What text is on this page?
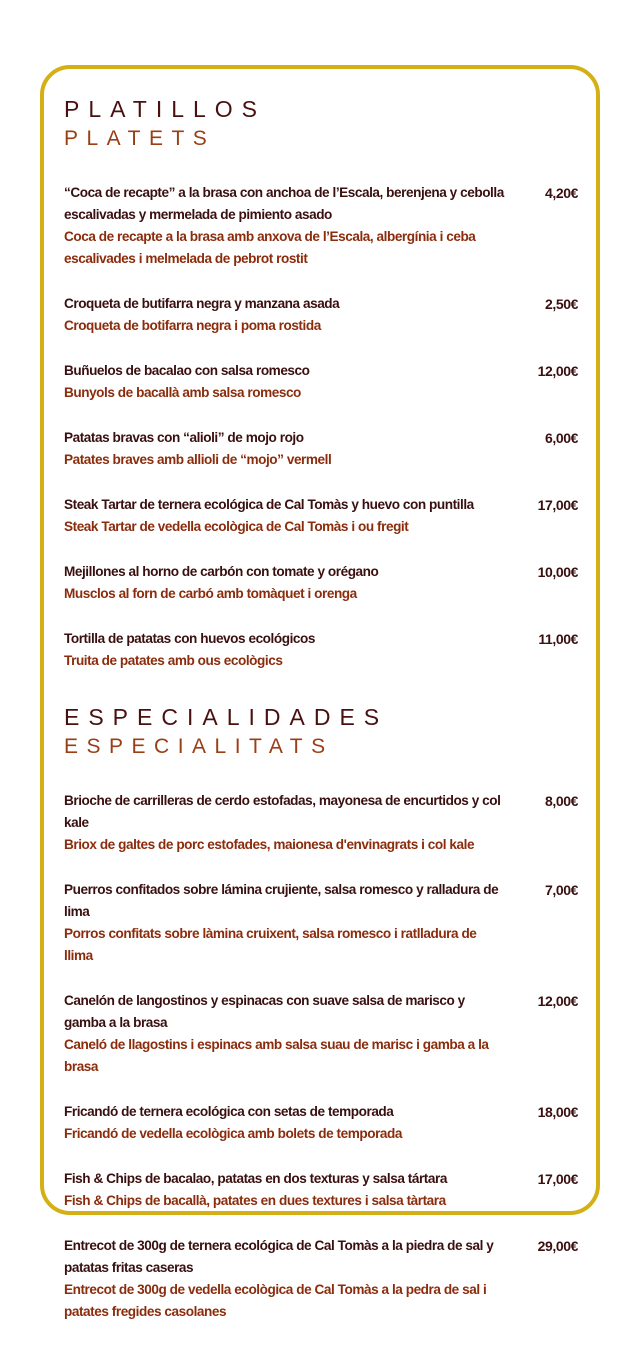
PLATILLOS
PLATETS
“Coca de recapte” a la brasa con anchoa de l’Escala, berenjena y cebolla escalivadas y mermelada de pimiento asado
Coca de recapte a la brasa amb anxova de l’Escala, albergínia i ceba escalivades i melmelada de pebrot rostit
4,20€
Croqueta de butifarra negra y manzana asada
Croqueta de botifarra negra i poma rostida
2,50€
Buñuelos de bacalao con salsa romesco
Bunyols de bacallà amb salsa romesco
12,00€
Patatas bravas con “alioli” de mojo rojo
Patates braves amb allioli de “mojo” vermell
6,00€
Steak Tartar de ternera ecológica de Cal Tomàs y huevo con puntilla
Steak Tartar de vedella ecològica de Cal Tomàs i ou fregit
17,00€
Mejillones al horno de carbón con tomate y orégano
Musclos al forn de carbó amb tomàquet i orenga
10,00€
Tortilla de patatas con huevos ecológicos
Truita de patates amb ous ecològics
11,00€
ESPECIALIDADES
ESPECIALITATS
Brioche de carrilleras de cerdo estofadas, mayonesa de encurtidos y col kale
Briox de galtes de porc estofades, maionesa d'envinagrats i col kale
8,00€
Puerros confitados sobre lámina crujiente, salsa romesco y ralladura de lima
Porros confitats sobre làmina cruixent, salsa romesco i ratlladura de llima
7,00€
Canelón de langostinos y espinacas con suave salsa de marisco y gamba a la brasa
Caneló de llagostins i espinacs amb salsa suau de marisc i gamba a la brasa
12,00€
Fricandó de ternera ecológica con setas de temporada
Fricandó de vedella ecològica amb bolets de temporada
18,00€
Fish & Chips de bacalao, patatas en dos texturas y salsa tártara
Fish & Chips de bacallà, patates en dues textures i salsa tàrtara
17,00€
Entrecot de 300g de ternera ecológica de Cal Tomàs a la piedra de sal y patatas fritas caseras
Entrecot de 300g de vedella ecològica de Cal Tomàs a la pedra de sal i patates fregides casolanes
29,00€
